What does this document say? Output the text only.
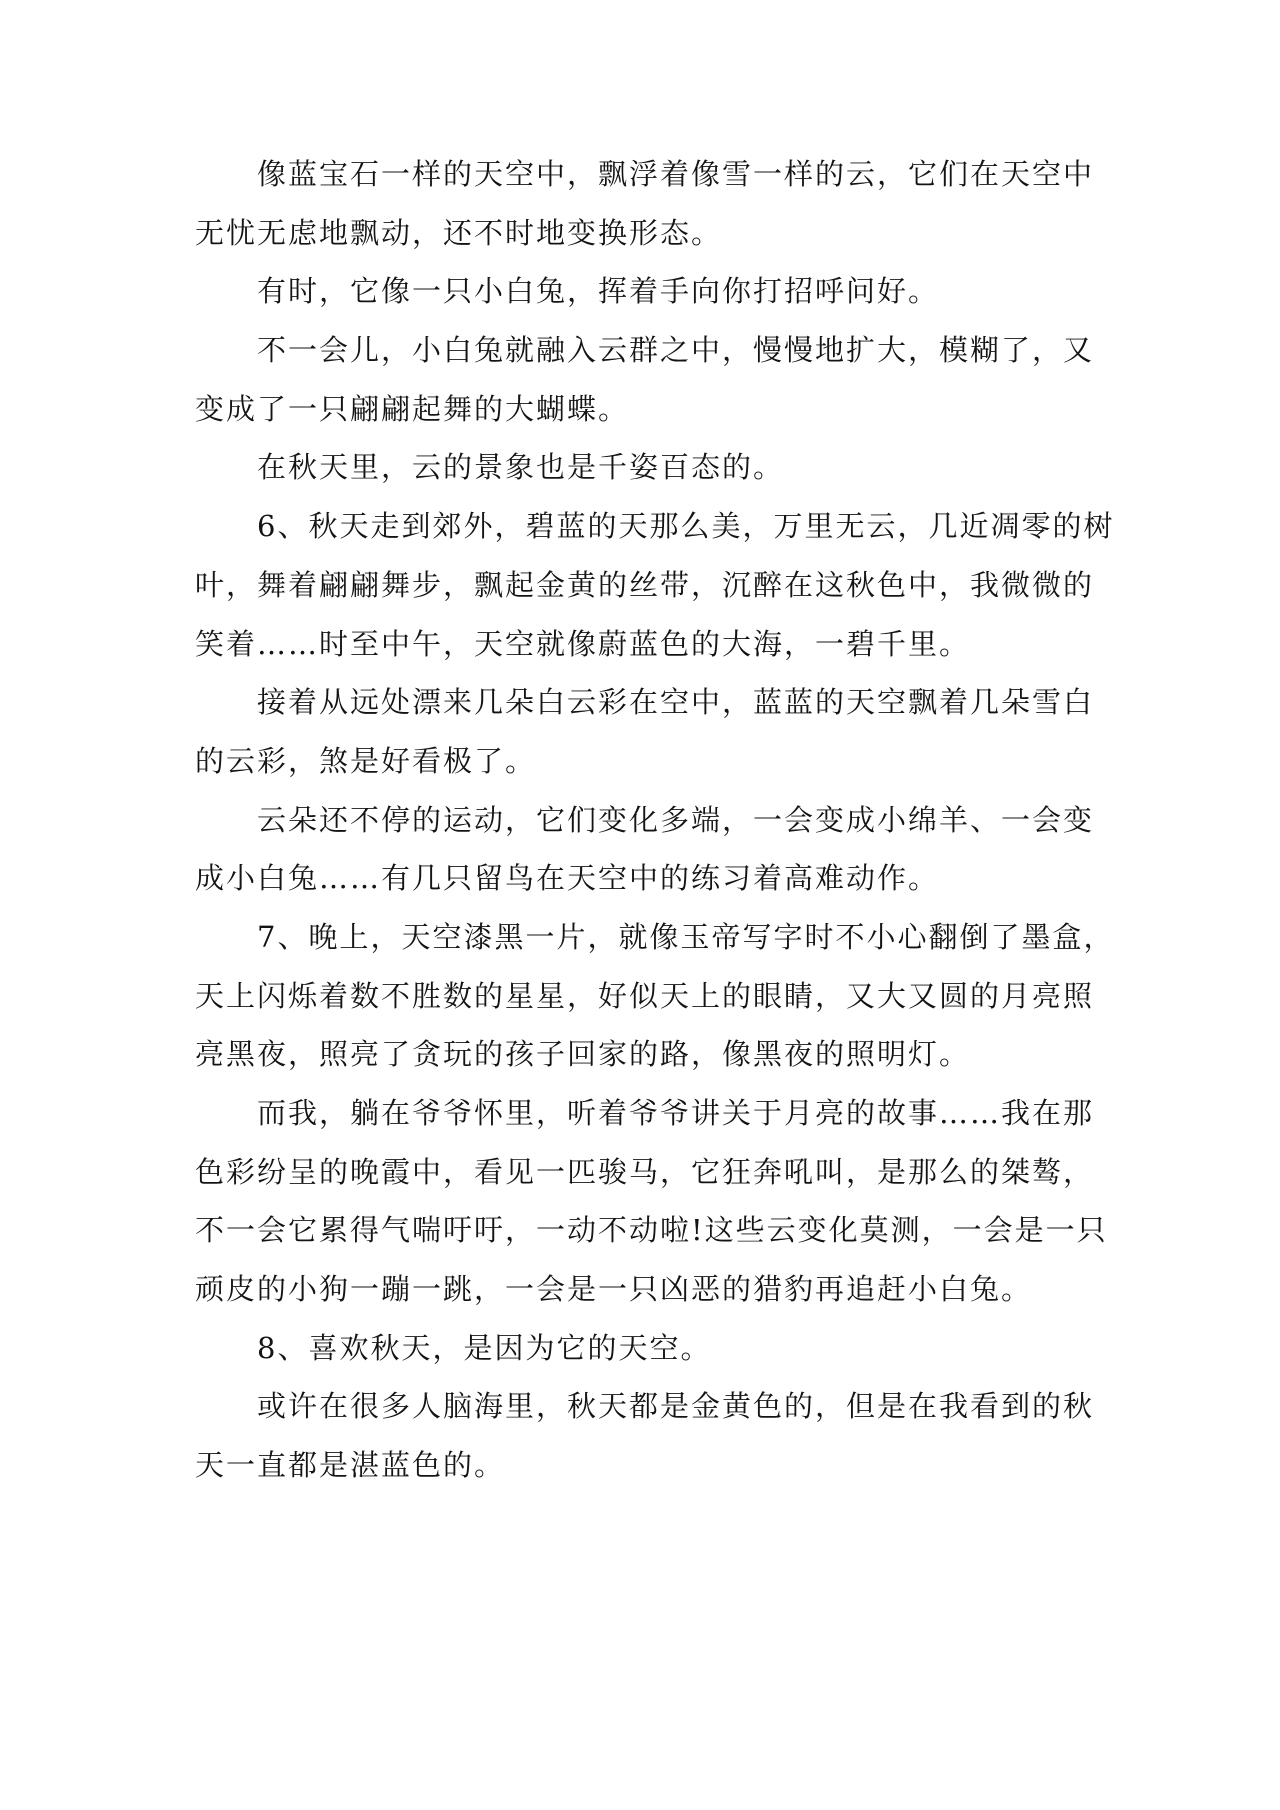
像蓝宝石一样的天空中，飘浮着像雪一样的云，它们在天空中
无忧无虑地飘动，还不时地变换形态。
有时，它像一只小白兔，挥着手向你打招呼问好。
不一会儿，小白兔就融入云群之中，慢慢地扩大，模糊了，又
变成了一只翩翩起舞的大蝴蝶。
在秋天里，云的景象也是千姿百态的。
6、秋天走到郊外，碧蓝的天那么美，万里无云，几近凋零的树
叶，舞着翩翩舞步，飘起金黄的丝带，沉醉在这秋色中，我微微的
笑着……时至中午，天空就像蔚蓝色的大海，一碧千里。
接着从远处漂来几朵白云彩在空中，蓝蓝的天空飘着几朵雪白
的云彩，煞是好看极了。
云朵还不停的运动，它们变化多端，一会变成小绵羊、一会变
成小白兔……有几只留鸟在天空中的练习着高难动作。
7、晚上，天空漆黑一片，就像玉帝写字时不小心翻倒了墨盒，
天上闪烁着数不胜数的星星，好似天上的眼睛，又大又圆的月亮照
亮黑夜，照亮了贪玩的孩子回家的路，像黑夜的照明灯。
而我，躺在爷爷怀里，听着爷爷讲关于月亮的故事……我在那
色彩纷呈的晚霞中，看见一匹骏马，它狂奔吼叫，是那么的桀骜，
不一会它累得气喘吁吁，一动不动啦!这些云变化莫测，一会是一只
顽皮的小狗一蹦一跳，一会是一只凶恶的猎豹再追赶小白兔。
8、喜欢秋天，是因为它的天空。
或许在很多人脑海里，秋天都是金黄色的，但是在我看到的秋
天一直都是湛蓝色的。
